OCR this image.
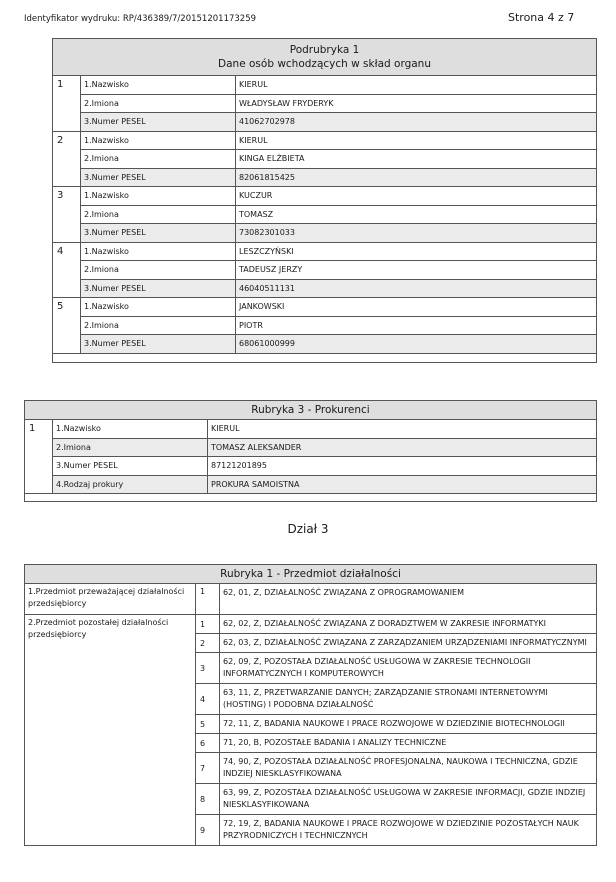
Identyfikator wydruku: RP/436389/7/20151201173259	Strona 4 z 7
Podrubryka 1
Dane osób wchodzących w skład organu		

1	1.Nazwisko	KIERUL
	2.Imiona	WŁADYSŁAW FRYDERYK
	3.Numer PESEL	41062702978
2	1.Nazwisko	KIERUL
	2.Imiona	KINGA ELŻBIETA
	3.Numer PESEL	82061815425
3	1.Nazwisko	KUCZUR
	2.Imiona	TOMASZ
	3.Numer PESEL	73082301033
4	1.Nazwisko	LESZCZYŃSKI
	2.Imiona	TADEUSZ JERZY
	3.Numer PESEL	46040511131
5	1.Nazwisko	JANKOWSKI
	2.Imiona	PIOTR
	3.Numer PESEL	68061000999

Rubryka 3 - Prokurenci		
1	1.Nazwisko	KIERUL
	2.Imiona	TOMASZ ALEKSANDER
	3.Numer PESEL	87121201895
	4.Rodzaj prokury	PROKURA SAMOISTNA

Dział 3
Rubryka 1 - Przedmiot działalności		
1.Przedmiot przeważającej działalności przedsiębiorcy	1	62, 01, Z, DZIAŁALNOŚĆ ZWIĄZANA Z OPROGRAMOWANIEM
2.Przedmiot pozostałej działalności przedsiębiorcy	1	62, 02, Z, DZIAŁALNOŚĆ ZWIĄZANA Z DORADZTWEM W ZAKRESIE INFORMATYKI
	2	62, 03, Z, DZIAŁALNOŚĆ ZWIĄZANA Z ZARZĄDZANIEM URZĄDZENIAMI INFORMATYCZNYMI
	3	62, 09, Z, POZOSTAŁA DZIAŁALNOŚĆ USŁUGOWA W ZAKRESIE TECHNOLOGII INFORMATYCZNYCH I KOMPUTEROWYCH
	4	63, 11, Z, PRZETWARZANIE DANYCH; ZARZĄDZANIE STRONAMI INTERNETOWYMI (HOSTING) I PODOBNA DZIAŁALNOŚĆ
	5	72, 11, Z, BADANIA NAUKOWE I PRACE ROZWOJOWE W DZIEDZINIE BIOTECHNOLOGII
	6	71, 20, B, POZOSTAŁE BADANIA I ANALIZY TECHNICZNE
	7	74, 90, Z, POZOSTAŁA DZIAŁALNOŚĆ PROFESJONALNA, NAUKOWA I TECHNICZNA, GDZIE INDZIEJ NIESKLASYFIKOWANA
	8	63, 99, Z, POZOSTAŁA DZIAŁALNOŚĆ USŁUGOWA W ZAKRESIE INFORMACJI, GDZIE INDZIEJ NIESKLASYFIKOWANA
	9	72, 19, Z, BADANIA NAUKOWE I PRACE ROZWOJOWE W DZIEDZINIE POZOSTAŁYCH NAUK PRZYRODNICZYCH I TECHNICZNYCH
